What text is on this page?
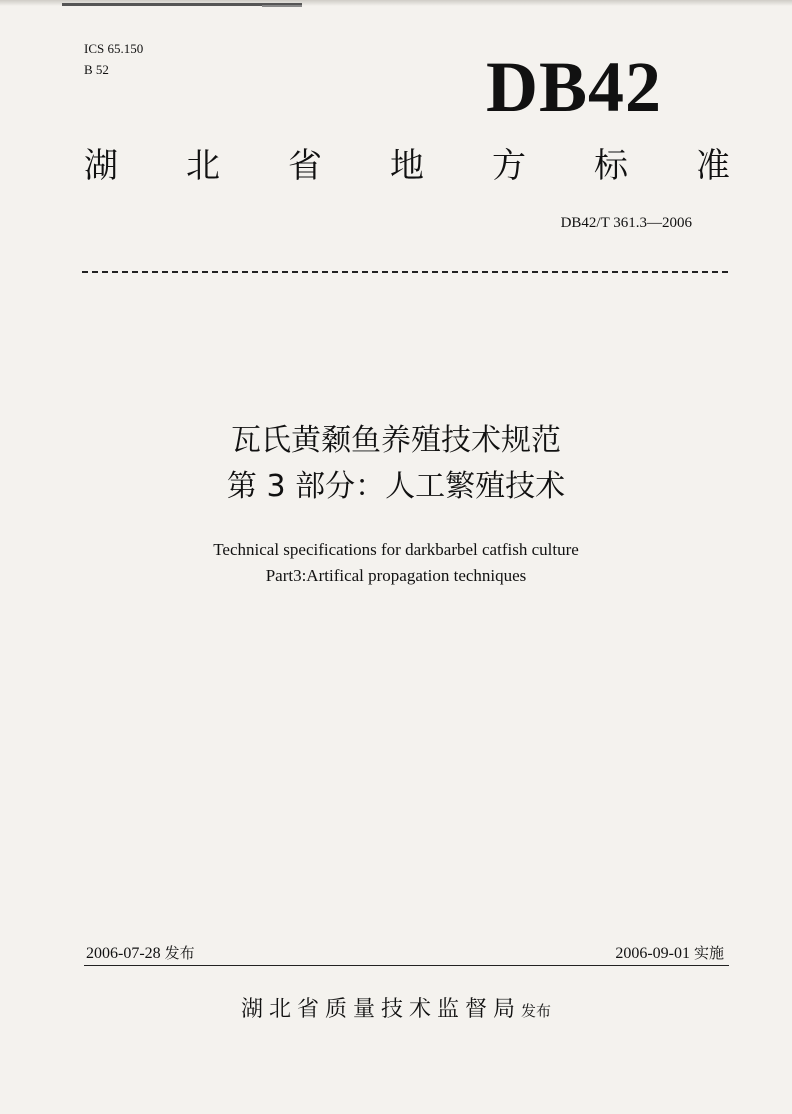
ICS 65.150
B 52	DB42
湖 北 省 地 方 标 准
DB42/T 361.3—2006
瓦氏黄颡鱼养殖技术规范
第 3 部分：人工繁殖技术
Technical specifications for darkbarbel catfish culture
Part3:Artifical propagation techniques
2006-07-28 发布	2006-09-01 实施
湖北省质量技术监督局发布
